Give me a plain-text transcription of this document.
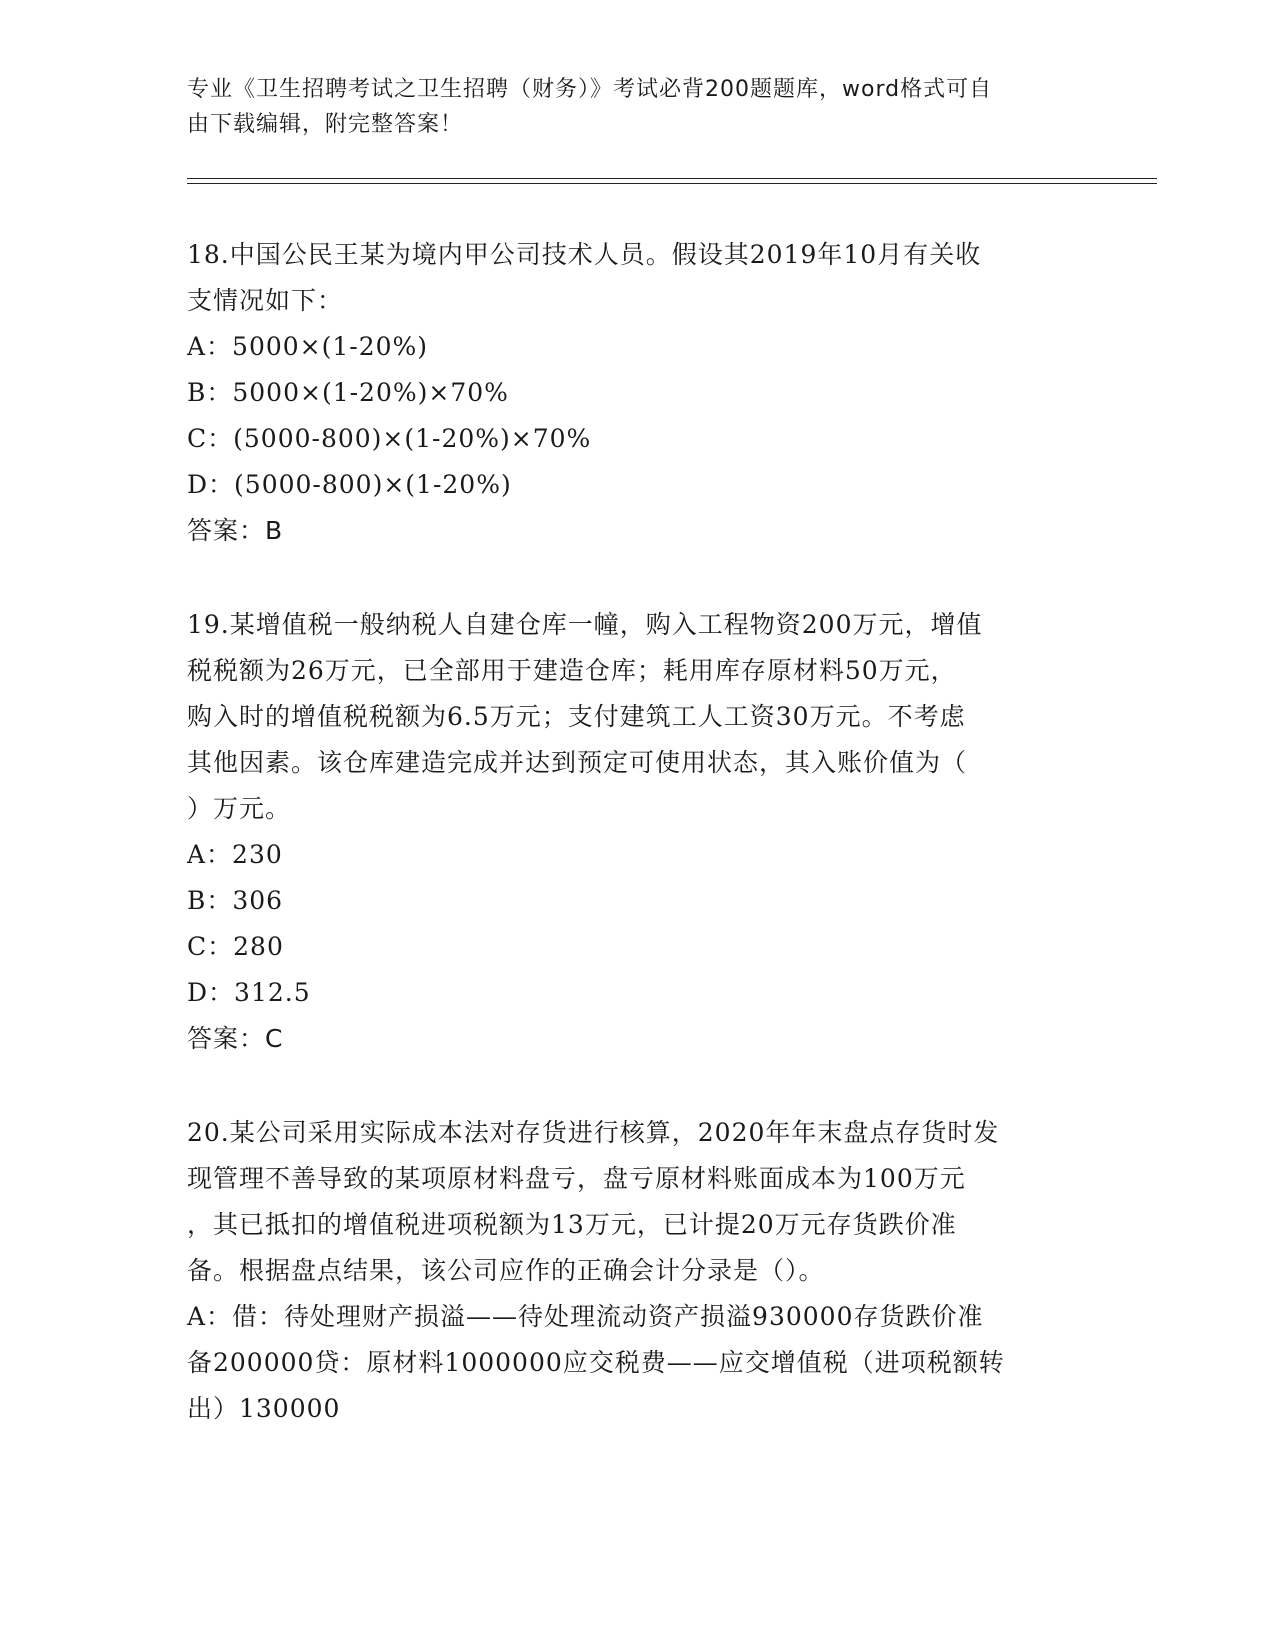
专业《卫生招聘考试之卫生招聘（财务）》考试必背200题题库，word格式可自
由下载编辑，附完整答案！
18.中国公民王某为境内甲公司技术人员。假设其2019年10月有关收
支情况如下：
A：5000×(1-20%)
B：5000×(1-20%)×70%
C：(5000-800)×(1-20%)×70%
D：(5000-800)×(1-20%)
答案：B
19.某增值税一般纳税人自建仓库一幢，购入工程物资200万元，增值
税税额为26万元，已全部用于建造仓库；耗用库存原材料50万元，
购入时的增值税税额为6.5万元；支付建筑工人工资30万元。不考虑
其他因素。该仓库建造完成并达到预定可使用状态，其入账价值为（
）万元。
A：230
B：306
C：280
D：312.5
答案：C
20.某公司采用实际成本法对存货进行核算，2020年年末盘点存货时发
现管理不善导致的某项原材料盘亏，盘亏原材料账面成本为100万元
，其已抵扣的增值税进项税额为13万元，已计提20万元存货跌价准
备。根据盘点结果，该公司应作的正确会计分录是（）。
A：借：待处理财产损溢——待处理流动资产损溢930000存货跌价准
备200000贷：原材料1000000应交税费——应交增值税（进项税额转
出）130000
